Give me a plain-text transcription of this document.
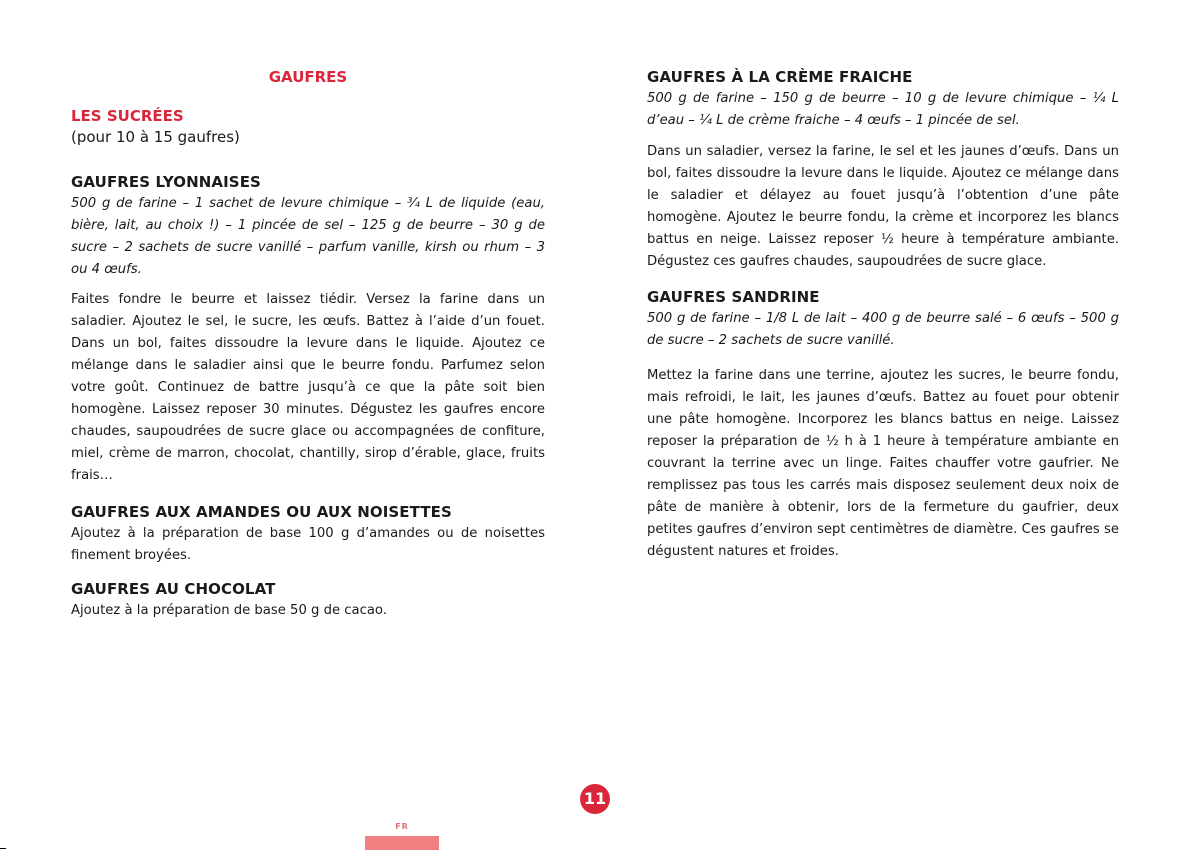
GAUFRES
LES SUCRÉES
(pour 10 à 15 gaufres)
GAUFRES LYONNAISES

500 g de farine – 1 sachet de levure chimique – ¾ L de liquide (eau, bière, lait, au choix !) – 1 pincée de sel – 125 g de beurre – 30 g de sucre – 2 sachets de sucre vanillé – parfum vanille, kirsh ou rhum – 3 ou 4 œufs.

Faites fondre le beurre et laissez tiédir. Versez la farine dans un saladier. Ajoutez le sel, le sucre, les œufs. Battez à l’aide d’un fouet. Dans un bol, faites dissoudre la levure dans le liquide. Ajoutez ce mélange dans le saladier ainsi que le beurre fondu. Parfumez selon votre goût. Continuez de battre jusqu’à ce que la pâte soit bien homogène. Laissez reposer 30 minutes. Dégustez les gaufres encore chaudes, saupoudrées de sucre glace ou accompagnées de confiture, miel, crème de marron, chocolat, chantilly, sirop d’érable, glace, fruits frais…

GAUFRES AUX AMANDES OU AUX NOISETTES

Ajoutez à la préparation de base 100 g d’amandes ou de noisettes finement broyées.

GAUFRES AU CHOCOLAT

Ajoutez à la préparation de base 50 g de cacao.

GAUFRES À LA CRÈME FRAICHE

500 g de farine – 150 g de beurre – 10 g de levure chimique – ¼ L d’eau – ¼ L de crème fraiche – 4 œufs – 1 pincée de sel.

Dans un saladier, versez la farine, le sel et les jaunes d’œufs. Dans un bol, faites dissoudre la levure dans le liquide. Ajoutez ce mélange dans le saladier et délayez au fouet jusqu’à l’obtention d’une pâte homogène. Ajoutez le beurre fondu, la crème et incorporez les blancs battus en neige. Laissez reposer ½ heure à température ambiante. Dégustez ces gaufres chaudes, saupoudrées de sucre glace.

GAUFRES SANDRINE

500 g de farine – 1/8 L de lait – 400 g de beurre salé – 6 œufs – 500 g de sucre – 2 sachets de sucre vanillé.

Mettez la farine dans une terrine, ajoutez les sucres, le beurre fondu, mais refroidi, le lait, les jaunes d’œufs. Battez au fouet pour obtenir une pâte homogène. Incorporez les blancs battus en neige. Laissez reposer la préparation de ½ h à 1 heure à température ambiante en couvrant la terrine avec un linge. Faites chauffer votre gaufrier. Ne remplissez pas tous les carrés mais disposez seulement deux noix de pâte de manière à obtenir, lors de la fermeture du gaufrier, deux petites gaufres d’environ sept centimètres de diamètre. Ces gaufres se dégustent natures et froides.

11
FR
